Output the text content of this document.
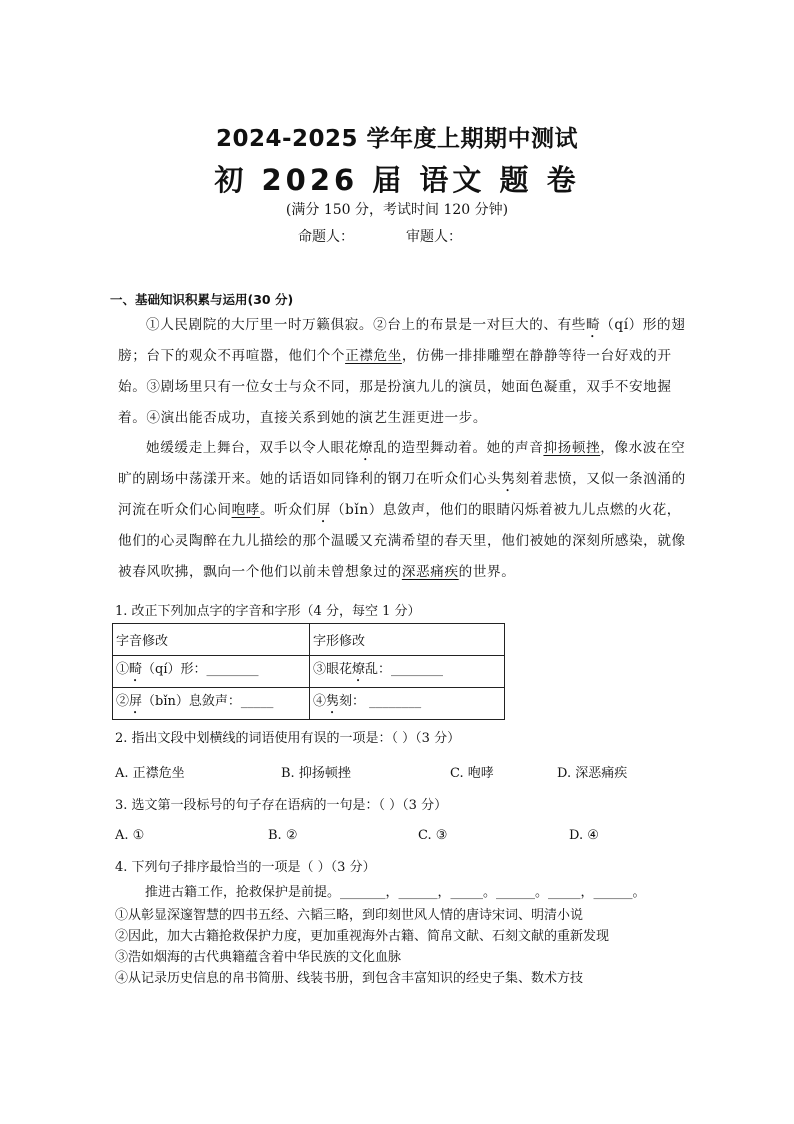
2024-2025 学年度上期期中测试
初 2026 届 语文 题 卷
(满分 150 分，考试时间 120 分钟)
命题人：	审题人：
一、基础知识积累与运用(30 分)
①人民剧院的大厅里一时万籁俱寂。②台上的布景是一对巨大的、有些畸（qí）形的翅膀；台下的观众不再喧嚣，他们个个正襟危坐，仿佛一排排雕塑在静静等待一台好戏的开始。③剧场里只有一位女士与众不同，那是扮演九儿的演员，她面色凝重，双手不安地握着。④演出能否成功，直接关系到她的演艺生涯更进一步。
她缓缓走上舞台，双手以令人眼花燎乱的造型舞动着。她的声音抑扬顿挫，像水波在空旷的剧场中荡漾开来。她的话语如同锋利的钢刀在听众们心头隽刻着悲愤，又似一条汹涌的河流在听众们心间咆哮。听众们屏（bǐn）息敛声，他们的眼睛闪烁着被九儿点燃的火花，他们的心灵陶醉在九儿描绘的那个温暖又充满希望的春天里，他们被她的深刻所感染，就像被春风吹拂，飘向一个他们以前未曾想象过的深恶痛疾的世界。
1. 改正下列加点字的字音和字形（4 分，每空 1 分）
字音修改	字形修改
①畸（qí）形：________	③眼花燎乱：________
②屏（bǐn）息敛声：_____	④隽刻： ________
2. 指出文段中划横线的词语使用有误的一项是：（ ）（3 分）
A. 正襟危坐	B. 抑扬顿挫	C. 咆哮	D. 深恶痛疾
3. 选文第一段标号的句子存在语病的一句是：（ ）（3 分）
A. ①	B. ②	C. ③	D. ④
4. 下列句子排序最恰当的一项是（ ）（3 分）
推进古籍工作，抢救保护是前提。_______，______，_____。______。_____，______。
①从彰显深邃智慧的四书五经、六韬三略，到印刻世风人情的唐诗宋词、明清小说
②因此，加大古籍抢救保护力度，更加重视海外古籍、简帛文献、石刻文献的重新发现
③浩如烟海的古代典籍蕴含着中华民族的文化血脉
④从记录历史信息的帛书简册、线装书册，到包含丰富知识的经史子集、数术方技
